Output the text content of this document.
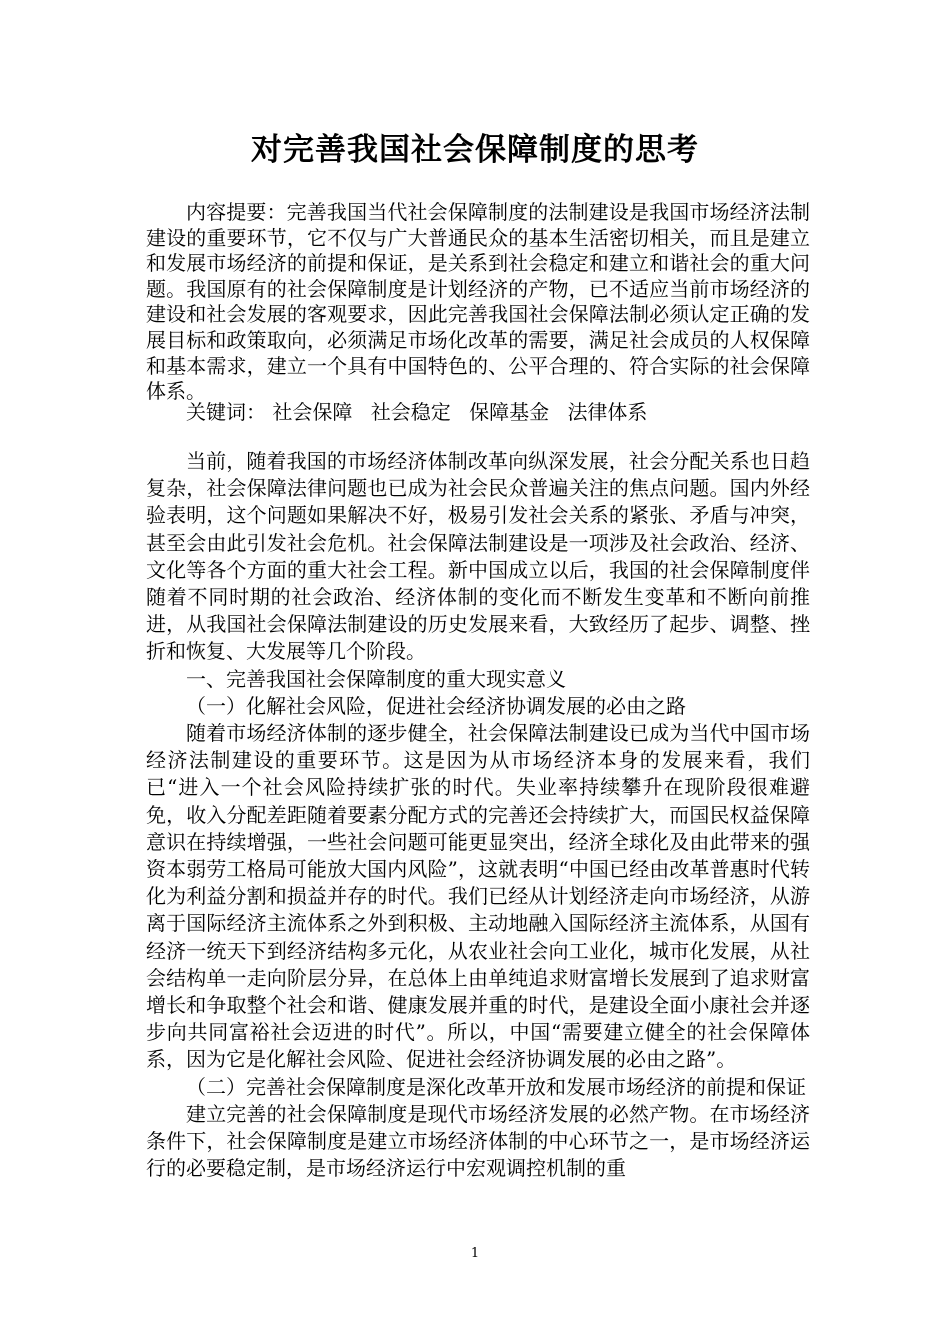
对完善我国社会保障制度的思考

内容提要：完善我国当代社会保障制度的法制建设是我国市场经济法制建设的重要环节，它不仅与广大普通民众的基本生活密切相关，而且是建立和发展市场经济的前提和保证，是关系到社会稳定和建立和谐社会的重大问题。我国原有的社会保障制度是计划经济的产物，已不适应当前市场经济的建设和社会发展的客观要求，因此完善我国社会保障法制必须认定正确的发展目标和政策取向，必须满足市场化改革的需要，满足社会成员的人权保障和基本需求，建立一个具有中国特色的、公平合理的、符合实际的社会保障体系。

关键词： 社会保障 社会稳定 保障基金 法律体系

当前，随着我国的市场经济体制改革向纵深发展，社会分配关系也日趋复杂，社会保障法律问题也已成为社会民众普遍关注的焦点问题。国内外经验表明，这个问题如果解决不好，极易引发社会关系的紧张、矛盾与冲突，甚至会由此引发社会危机。社会保障法制建设是一项涉及社会政治、经济、文化等各个方面的重大社会工程。新中国成立以后，我国的社会保障制度伴随着不同时期的社会政治、经济体制的变化而不断发生变革和不断向前推进，从我国社会保障法制建设的历史发展来看，大致经历了起步、调整、挫折和恢复、大发展等几个阶段。

一、完善我国社会保障制度的重大现实意义

（一）化解社会风险，促进社会经济协调发展的必由之路

随着市场经济体制的逐步健全，社会保障法制建设已成为当代中国市场经济法制建设的重要环节。这是因为从市场经济本身的发展来看，我们已“进入一个社会风险持续扩张的时代。失业率持续攀升在现阶段很难避免，收入分配差距随着要素分配方式的完善还会持续扩大，而国民权益保障意识在持续增强，一些社会问题可能更显突出，经济全球化及由此带来的强资本弱劳工格局可能放大国内风险”，这就表明“中国已经由改革普惠时代转化为利益分割和损益并存的时代。我们已经从计划经济走向市场经济，从游离于国际经济主流体系之外到积极、主动地融入国际经济主流体系，从国有经济一统天下到经济结构多元化，从农业社会向工业化，城市化发展，从社会结构单一走向阶层分异，在总体上由单纯追求财富增长发展到了追求财富增长和争取整个社会和谐、健康发展并重的时代，是建设全面小康社会并逐步向共同富裕社会迈进的时代”。所以，中国“需要建立健全的社会保障体系，因为它是化解社会风险、促进社会经济协调发展的必由之路”。

（二）完善社会保障制度是深化改革开放和发展市场经济的前提和保证

建立完善的社会保障制度是现代市场经济发展的必然产物。在市场经济条件下，社会保障制度是建立市场经济体制的中心环节之一，是市场经济运行的必要稳定制，是市场经济运行中宏观调控机制的重

1
